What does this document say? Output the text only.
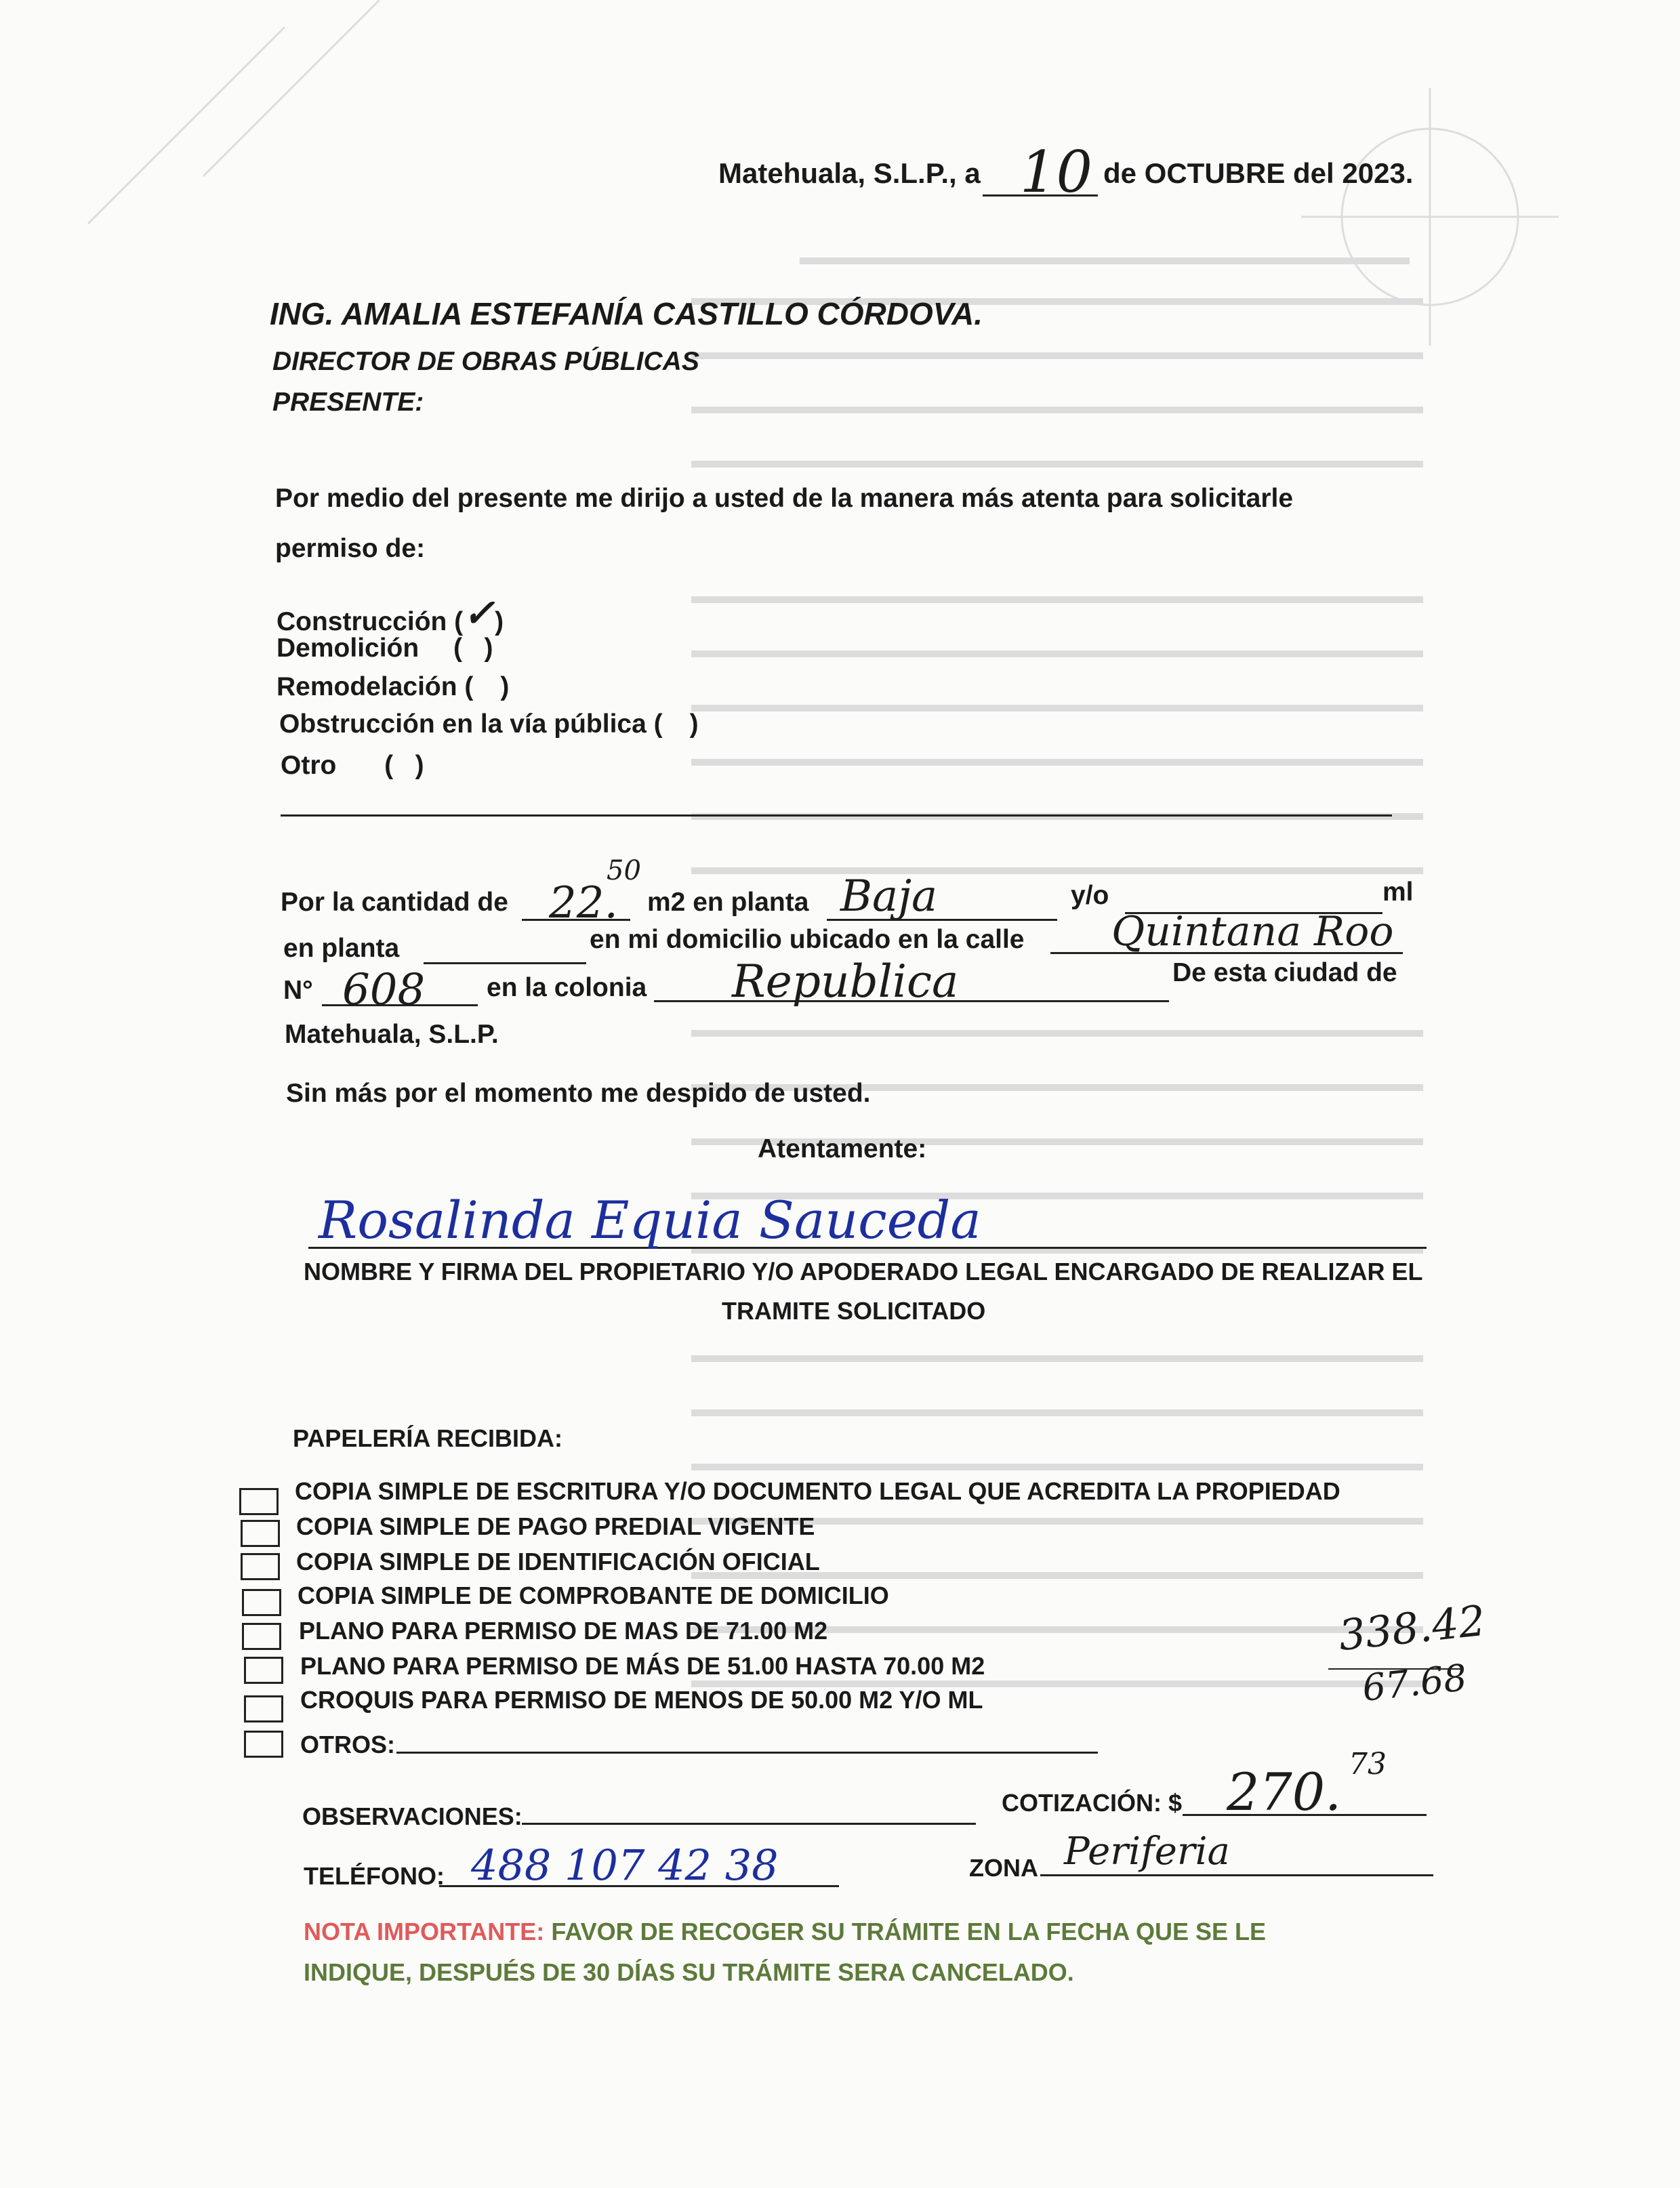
Matehuala, S.L.P., a 10 de OCTUBRE del 2023.
ING. AMALIA ESTEFANÍA CASTILLO CÓRDOVA.
DIRECTOR DE OBRAS PÚBLICAS
PRESENTE:
Por medio del presente me dirijo a usted de la manera más atenta para solicitarle
permiso de:
Construcción (✓)
Demolición (   )
Remodelación ( )
Obstrucción en la vía pública ( )
Otro (   )
Por la cantidad de 22.
50
m2 en planta Baja	y/o	ml
en planta	en mi domicilio ubicado en la calle Quintana Roo
N° 608 en la colonia Republica	De esta ciudad de
Matehuala, S.L.P.
Sin más por el momento me despido de usted.
Atentamente:
Rosalinda Equia Sauceda
NOMBRE Y FIRMA DEL PROPIETARIO Y/O APODERADO LEGAL ENCARGADO DE REALIZAR EL
TRAMITE SOLICITADO
PAPELERÍA RECIBIDA:
COPIA SIMPLE DE ESCRITURA Y/O DOCUMENTO LEGAL QUE ACREDITA LA PROPIEDAD
COPIA SIMPLE DE PAGO PREDIAL VIGENTE
COPIA SIMPLE DE IDENTIFICACIÓN OFICIAL
COPIA SIMPLE DE COMPROBANTE DE DOMICILIO
PLANO PARA PERMISO DE MAS DE 71.00 M2
PLANO PARA PERMISO DE MÁS DE 51.00 HASTA 70.00 M2
CROQUIS PARA PERMISO DE MENOS DE 50.00 M2 Y/O ML
OTROS:
338.42
67.68
OBSERVACIONES:	COTIZACIÓN: $ 270. 73
TELÉFONO: 488 107 42 38	ZONA Periferia
NOTA IMPORTANTE: FAVOR DE RECOGER SU TRÁMITE EN LA FECHA QUE SE LE
INDIQUE, DESPUÉS DE 30 DÍAS SU TRÁMITE SERA CANCELADO.
